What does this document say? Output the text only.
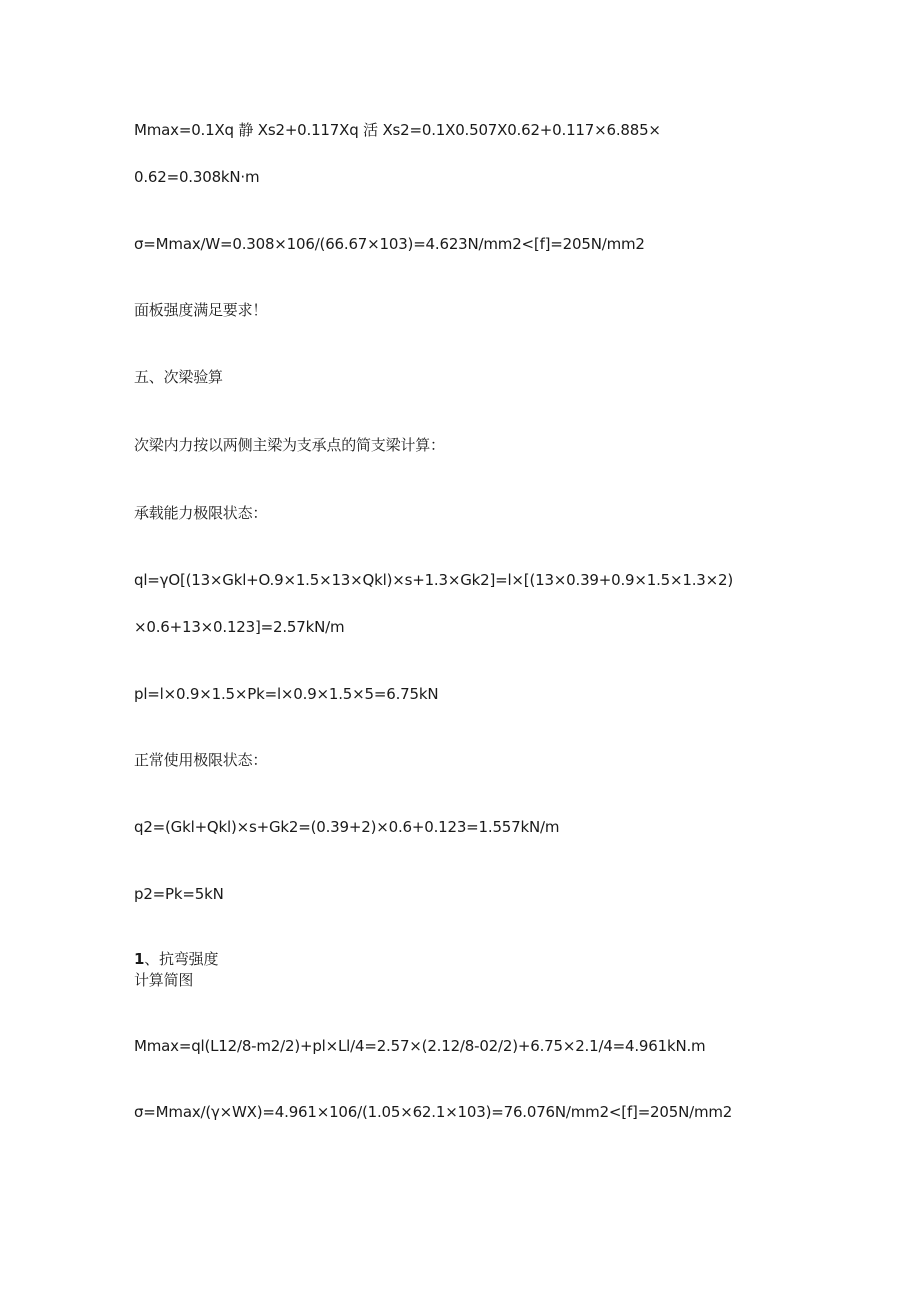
Mmax=0.1Xq 静 Xs2+0.117Xq 活 Xs2=0.1X0.507X0.62+0.117×6.885×
0.62=0.308kN·m
σ=Mmax∕W=0.308×106∕(66.67×103)=4.623N∕mm2<[f]=205N∕mm2
面板强度满足要求！
五、次梁验算
次梁内力按以两侧主梁为支承点的简支梁计算：
承载能力极限状态：
ql=γO[(13×Gkl+O.9×1.5×13×Qkl)×s+1.3×Gk2]=l×[(13×0.39+0.9×1.5×1.3×2)
×0.6+13×0.123]=2.57kN∕m
pl=l×0.9×1.5×Pk=l×0.9×1.5×5=6.75kN
正常使用极限状态：
q2=(Gkl+Qkl)×s+Gk2=(0.39+2)×0.6+0.123=1.557kN∕m
p2=Pk=5kN
1、抗弯强度
计算简图
Mmax=ql(L12∕8-m2∕2)+pl×Ll∕4=2.57×(2.12∕8-02∕2)+6.75×2.1∕4=4.961kN.m
σ=Mmax∕(γ×WX)=4.961×106/(1.05×62.1×103)=76.076N∕mm2<[f]=205N∕mm2
